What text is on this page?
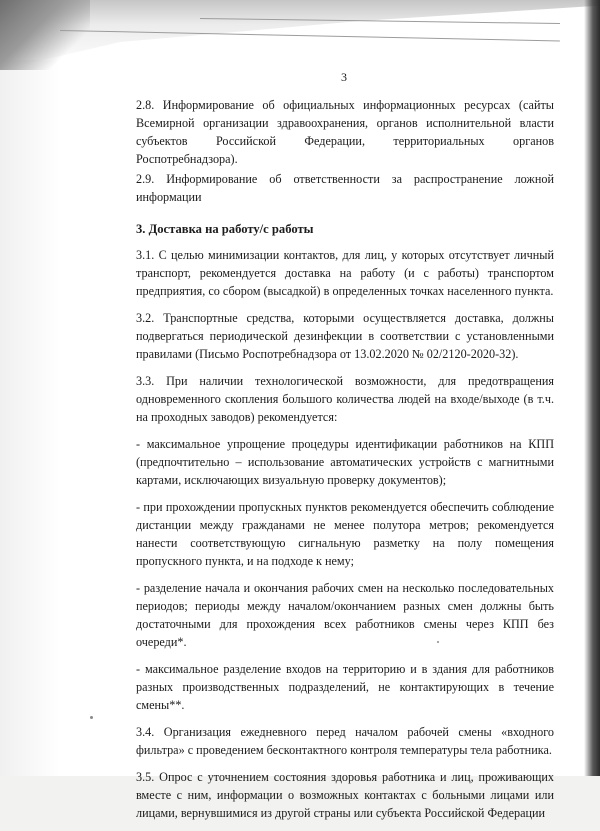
3

2.8. Информирование об официальных информационных ресурсах (сайты Всемирной организации здравоохранения, органов исполнительной власти субъектов Российской Федерации, территориальных органов Роспотребнадзора).

2.9. Информирование об ответственности за распространение ложной информации

3. Доставка на работу/с работы

3.1. С целью минимизации контактов, для лиц, у которых отсутствует личный транспорт, рекомендуется доставка на работу (и с работы) транспортом предприятия, со сбором (высадкой) в определенных точках населенного пункта.

3.2. Транспортные средства, которыми осуществляется доставка, должны подвергаться периодической дезинфекции в соответствии с установленными правилами (Письмо Роспотребнадзора от 13.02.2020 № 02/2120-2020-32).

3.3. При наличии технологической возможности, для предотвращения одновременного скопления большого количества людей на входе/выходе (в т.ч. на проходных заводов) рекомендуется:

- максимальное упрощение процедуры идентификации работников на КПП (предпочтительно – использование автоматических устройств с магнитными картами, исключающих визуальную проверку документов);

- при прохождении пропускных пунктов рекомендуется обеспечить соблюдение дистанции между гражданами не менее полутора метров; рекомендуется нанести соответствующую сигнальную разметку на полу помещения пропускного пункта, и на подходе к нему;

- разделение начала и окончания рабочих смен на несколько последовательных периодов; периоды между началом/окончанием разных смен должны быть достаточными для прохождения всех работников смены через КПП без очереди*.

- максимальное разделение входов на территорию и в здания для работников разных производственных подразделений, не контактирующих в течение смены**.

3.4. Организация ежедневного перед началом рабочей смены «входного фильтра» с проведением бесконтактного контроля температуры тела работника.

3.5. Опрос с уточнением состояния здоровья работника и лиц, проживающих вместе с ним, информации о возможных контактах с больными лицами или лицами, вернувшимися из другой страны или субъекта Российской Федерации
